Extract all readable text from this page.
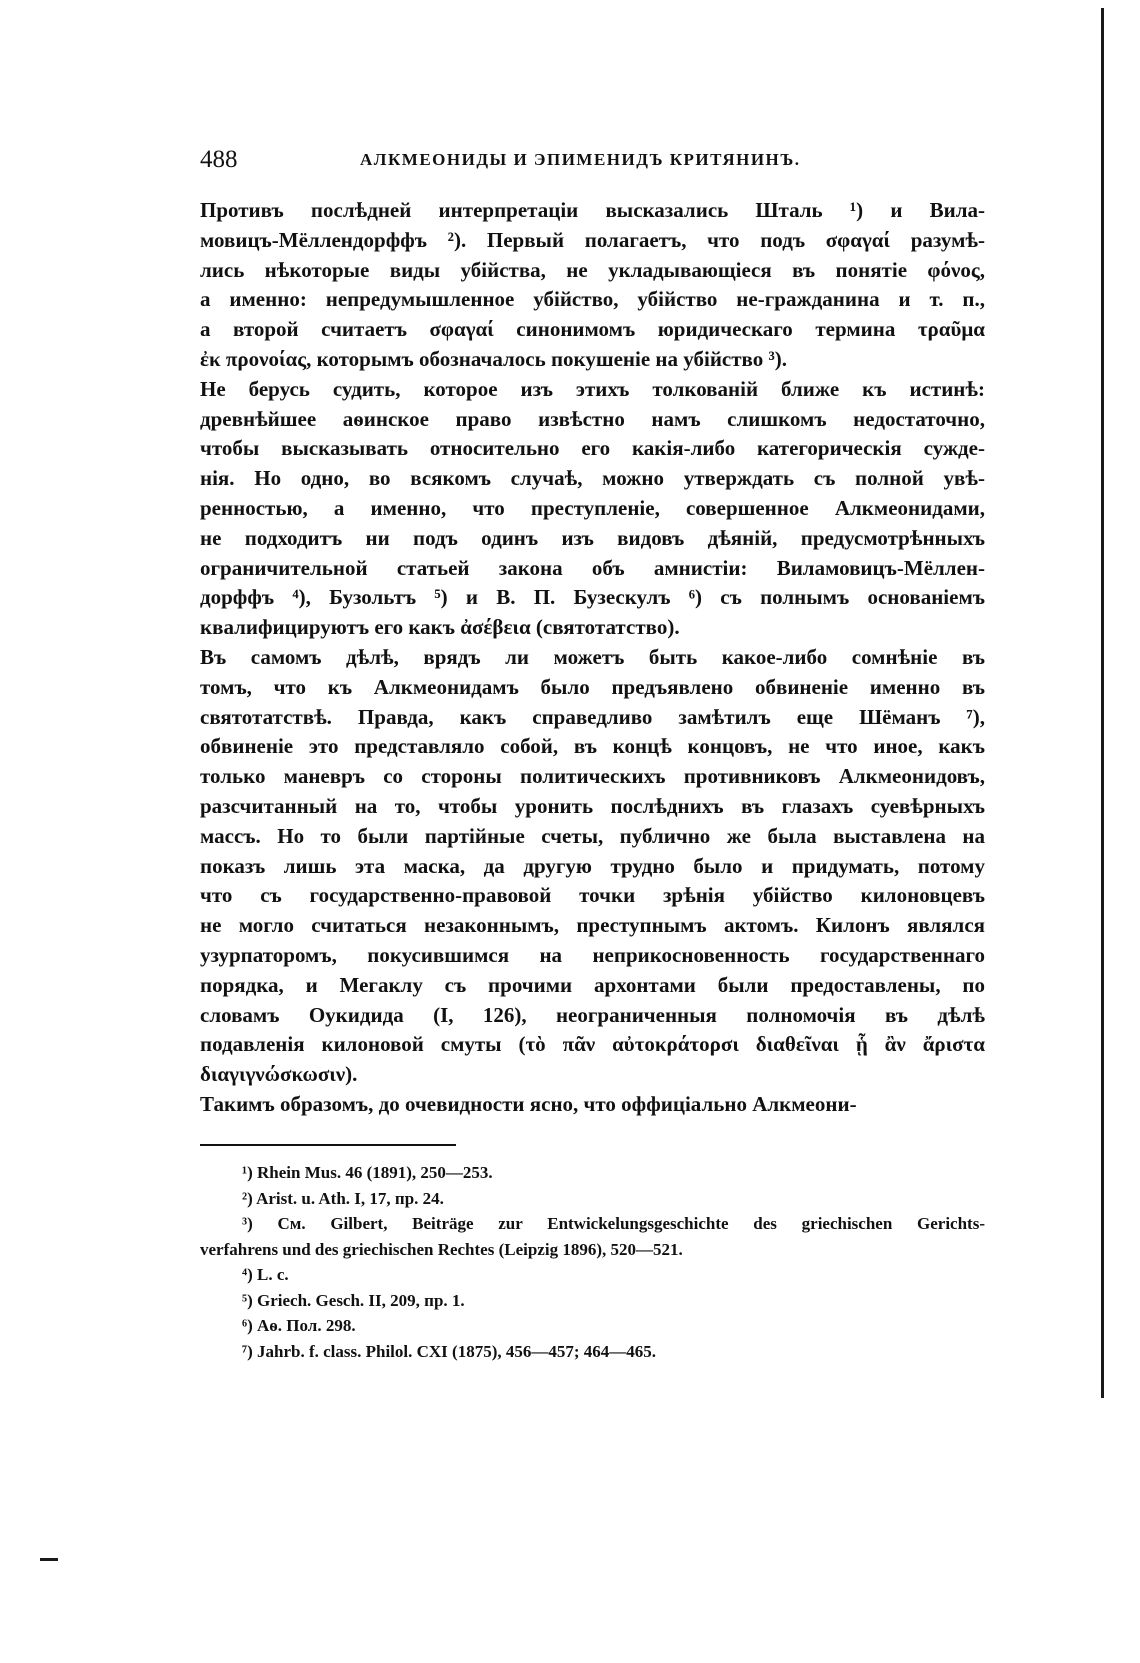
488	АЛКМЕОНИДЫ И ЭПИМЕНИДЪ КРИТЯНИНЪ.
Противъ послѣдней интерпретаціи высказались Шталь ¹) и Вила-
мовицъ-Мёллендорффъ ²). Первый полагаетъ, что подъ σφαγαί разумѣ-
лись нѣкоторые виды убійства, не укладывающіеся въ понятіе φόνος,
а именно: непредумышленное убійство, убійство не-гражданина и т. п.,
а второй считаетъ σφαγαί синонимомъ юридическаго термина τραῦμα
ἐκ προνοίας, которымъ обозначалось покушеніе на убійство ³).
Не берусь судить, которое изъ этихъ толкованій ближе къ истинѣ:
древнѣйшее аѳинское право извѣстно намъ слишкомъ недостаточно,
чтобы высказывать относительно его какія-либо категорическія сужде-
нія. Но одно, во всякомъ случаѣ, можно утверждать съ полной увѣ-
ренностью, а именно, что преступленіе, совершенное Алкмеонидами,
не подходитъ ни подъ одинъ изъ видовъ дѣяній, предусмотрѣнныхъ
ограничительной статьей закона объ амнистіи: Виламовицъ-Мёллен-
дорффъ ⁴), Бузольтъ ⁵) и В. П. Бузескулъ ⁶) съ полнымъ основаніемъ
квалифицируютъ его какъ ἀσέβεια (святотатство).
Въ самомъ дѣлѣ, врядъ ли можетъ быть какое-либо сомнѣніе въ
томъ, что къ Алкмеонидамъ было предъявлено обвиненіе именно въ
святотатствѣ. Правда, какъ справедливо замѣтилъ еще Шёманъ ⁷),
обвиненіе это представляло собой, въ концѣ концовъ, не что иное, какъ
только маневръ со стороны политическихъ противниковъ Алкмеонидовъ,
разсчитанный на то, чтобы уронить послѣднихъ въ глазахъ суевѣрныхъ
массъ. Но то были партійные счеты, публично же была выставлена на
показъ лишь эта маска, да другую трудно было и придумать, потому
что съ государственно-правовой точки зрѣнія убійство килоновцевъ
не могло считаться незаконнымъ, преступнымъ актомъ. Килонъ являлся
узурпаторомъ, покусившимся на неприкосновенность государственнаго
порядка, и Мегаклу съ прочими архонтами были предоставлены, по
словамъ Оукидида (I, 126), неограниченныя полномочія въ дѣлѣ
подавленія килоновой смуты (τὸ πᾶν αὐτοκράτορσι διαθεῖναι ᾗ ἂν ἄριστα
διαγιγνώσκωσιν).
Такимъ образомъ, до очевидности ясно, что оффиціально Алкмеони-
¹) Rhein Mus. 46 (1891), 250—253.
²) Arist. u. Ath. I, 17, пр. 24.
³) См. Gilbert, Beiträge zur Entwickelungsgeschichte des griechischen Gerichts-
verfahrens und des griechischen Rechtes (Leipzig 1896), 520—521.
⁴) L. c.
⁵) Griech. Gesch. II, 209, пр. 1.
⁶) Аѳ. Пол. 298.
⁷) Jahrb. f. class. Philol. CXI (1875), 456—457; 464—465.
